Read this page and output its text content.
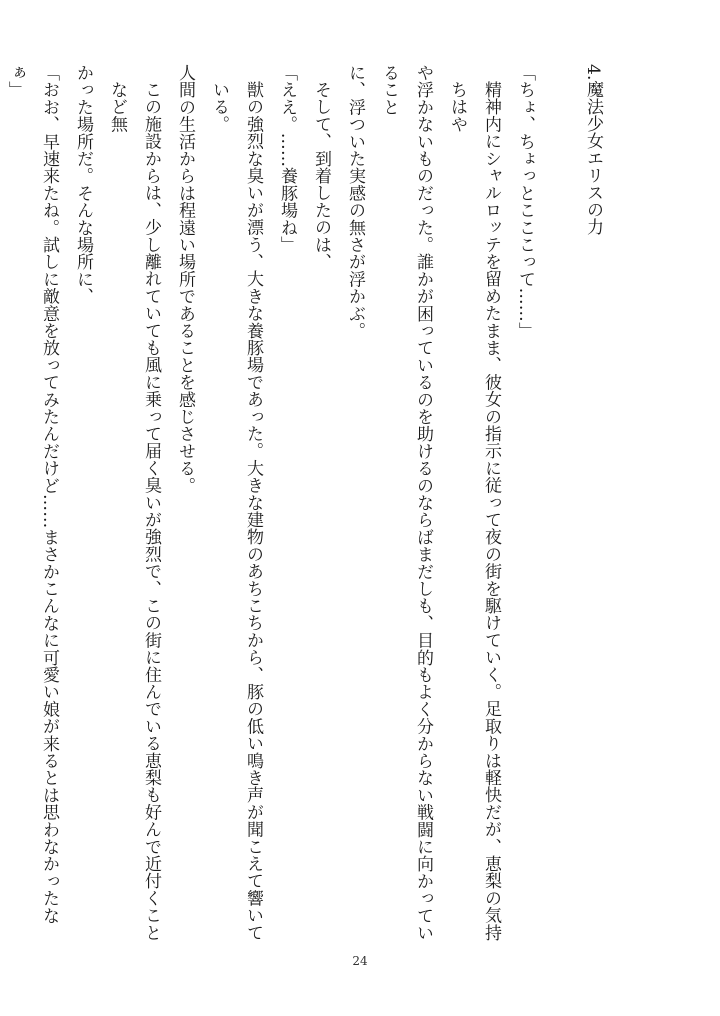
4.魔法少女エリスの力

「ちょ、ちょっとこここって……」

精神内にシャルロッテを留めたまま、彼女の指示に従って夜の街を駆けていく。足取りは軽快だが、恵梨の気持ちはや

や浮かないものだった。誰かが困っているのを助けるのならばまだしも、目的もよく分からない戦闘に向かっていること

に、浮ついた実感の無さが浮かぶ。

そして、到着したのは、

「ええ。……養豚場ね」

獣の強烈な臭いが漂う、大きな養豚場であった。大きな建物のあちこちから、豚の低い鳴き声が聞こえて響いている。

人間の生活からは程遠い場所であることを感じさせる。

この施設からは、少し離れていても風に乗って届く臭いが強烈で、この街に住んでいる恵梨も好んで近付くことなど無

かった場所だ。そんな場所に、

「おお、早速来たね。試しに敵意を放ってみたんだけど……まさかこんなに可愛い娘が来るとは思わなかったなぁ」

24
